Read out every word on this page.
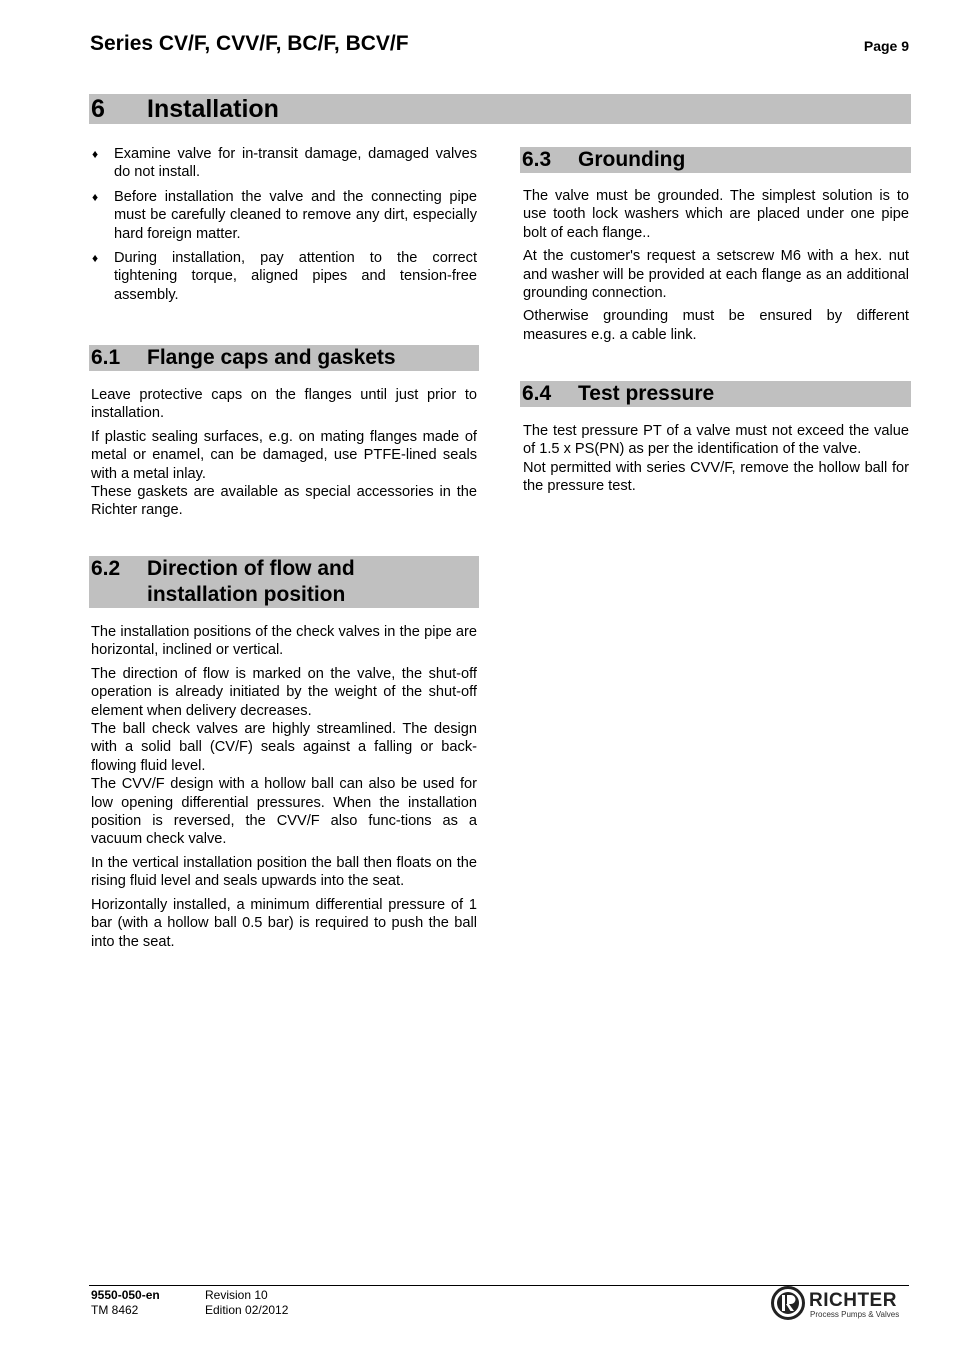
Series CV/F, CVV/F, BC/F, BCV/F	Page 9
6 Installation
♦ Examine valve for in-transit damage, damaged valves do not install.
♦ Before installation the valve and the connecting pipe must be carefully cleaned to remove any dirt, especially hard foreign matter.
♦ During installation, pay attention to the correct tightening torque, aligned pipes and tension-free assembly.
6.1 Flange caps and gaskets

Leave protective caps on the flanges until just prior to installation.

If plastic sealing surfaces, e.g. on mating flanges made of metal or enamel, can be damaged, use PTFE-lined seals with a metal inlay.

These gaskets are available as special accessories in the Richter range.

6.2 Direction of flow and
installation position

The installation positions of the check valves in the pipe are horizontal, inclined or vertical.

The direction of flow is marked on the valve, the shut-off operation is already initiated by the weight of the shut-off element when delivery decreases.

The ball check valves are highly streamlined. The design with a solid ball (CV/F) seals against a falling or back-flowing fluid level.

The CVV/F design with a hollow ball can also be used for low opening differential pressures. When the installation position is reversed, the CVV/F also func-tions as a vacuum check valve.

In the vertical installation position the ball then floats on the rising fluid level and seals upwards into the seat.

Horizontally installed, a minimum differential pressure of 1 bar (with a hollow ball 0.5 bar) is required to push the ball into the seat.

6.3 Grounding

The valve must be grounded. The simplest solution is to use tooth lock washers which are placed under one pipe bolt of each flange..

At the customer's request a setscrew M6 with a hex. nut and washer will be provided at each flange as an additional grounding connection.

Otherwise grounding must be ensured by different measures e.g. a cable link.

6.4 Test pressure

The test pressure PT of a valve must not exceed the value of 1.5 x PS(PN) as per the identification of the valve.

Not permitted with series CVV/F, remove the hollow ball for the pressure test.

9550-050-en
TM 8462
Revision 10
Edition 02/2012	RICHTER
Process Pumps & Valves
